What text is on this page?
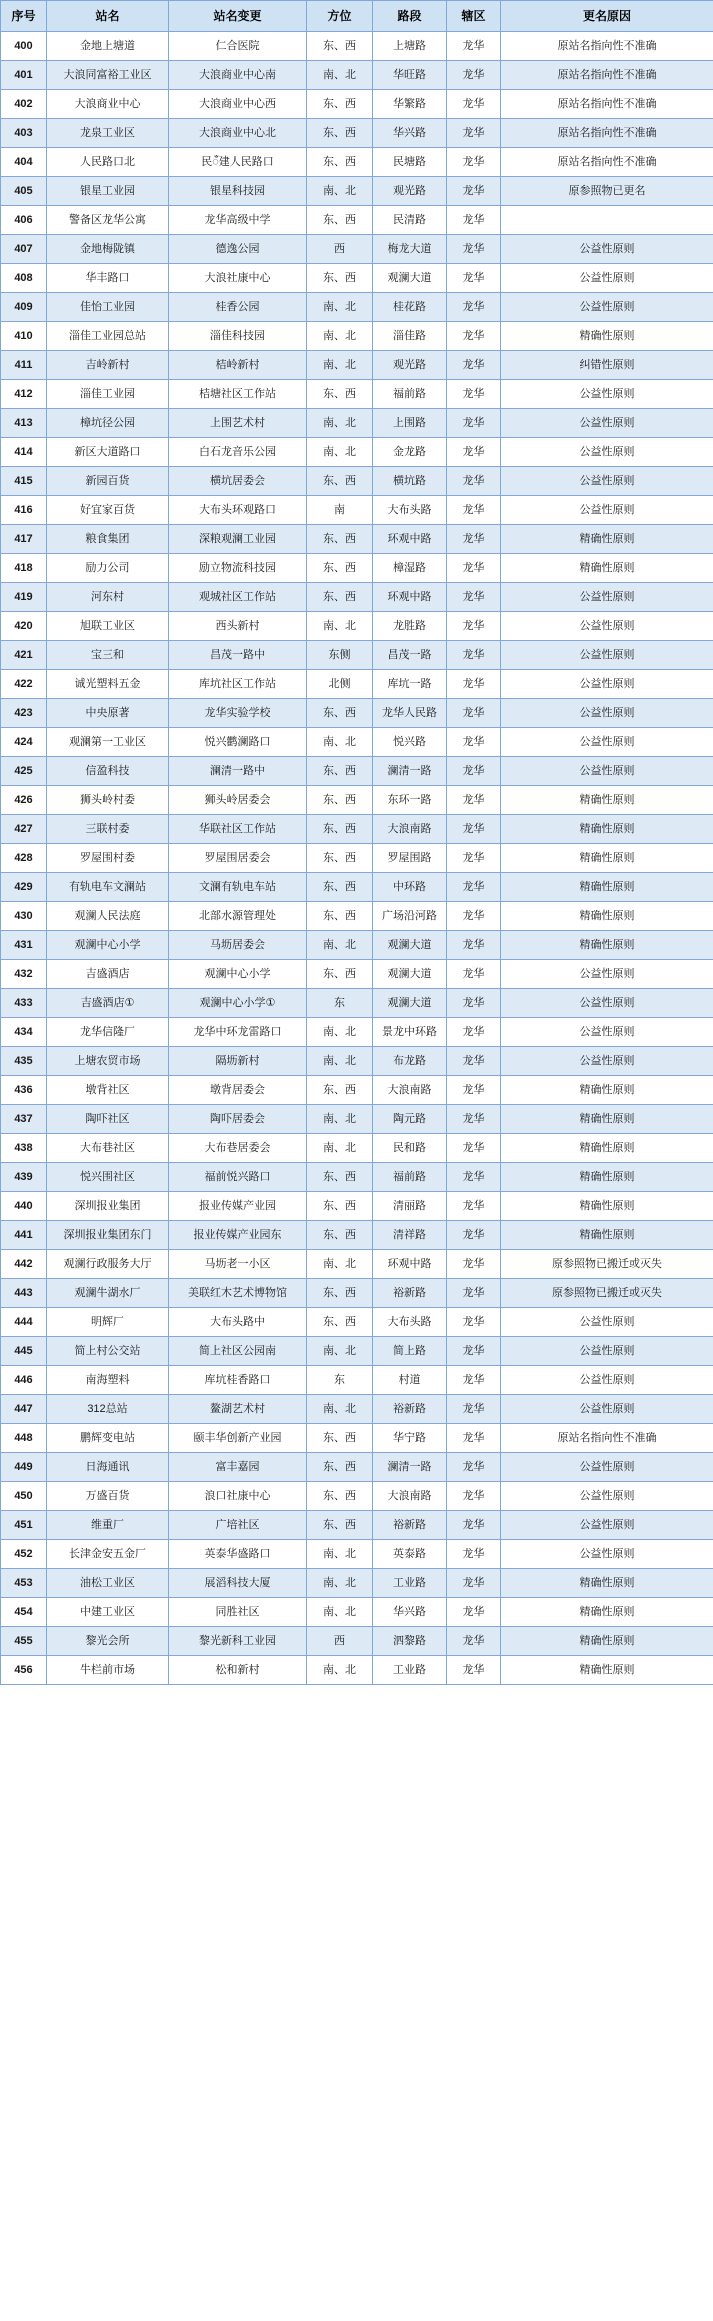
序号	站名	站名变更	方位	路段	辖区	更名原因
400	金地上塘道	仁合医院	东、西	上塘路	龙华	原站名指向性不准确
401	大浪同富裕工业区	大浪商业中心南	南、北	华旺路	龙华	原站名指向性不准确
402	大浪商业中心	大浪商业中心西	东、西	华繁路	龙华	原站名指向性不准确
403	龙泉工业区	大浪商业中心北	东、西	华兴路	龙华	原站名指向性不准确
404	人民路口北	民ँ建人民路口	东、西	民塘路	龙华	原站名指向性不准确
405	银星工业园	银星科技园	南、北	观光路	龙华	原参照物已更名
406	警备区龙华公寓	龙华高级中学	东、西	民清路	龙华	
407	金地梅陇镇	德逸公园	西	梅龙大道	龙华	公益性原则
408	华丰路口	大浪社康中心	东、西	观澜大道	龙华	公益性原则
409	佳怡工业园	桂香公园	南、北	桂花路	龙华	公益性原则
410	淄佳工业园总站	淄佳科技园	南、北	淄佳路	龙华	精确性原则
411	吉岭新村	桔岭新村	南、北	观光路	龙华	纠错性原则
412	淄佳工业园	桔塘社区工作站	东、西	福前路	龙华	公益性原则
413	樟坑径公园	上围艺术村	南、北	上围路	龙华	公益性原则
414	新区大道路口	白石龙音乐公园	南、北	金龙路	龙华	公益性原则
415	新园百货	横坑居委会	东、西	横坑路	龙华	公益性原则
416	好宜家百货	大布头环观路口	南	大布头路	龙华	公益性原则
417	粮食集团	深粮观澜工业园	东、西	环观中路	龙华	精确性原则
418	励力公司	励立物流科技园	东、西	樟湿路	龙华	精确性原则
419	河东村	观城社区工作站	东、西	环观中路	龙华	公益性原则
420	旭联工业区	西头新村	南、北	龙胜路	龙华	公益性原则
421	宝三和	昌茂一路中	东侧	昌茂一路	龙华	公益性原则
422	诚光塑料五金	库坑社区工作站	北侧	库坑一路	龙华	公益性原则
423	中央原著	龙华实验学校	东、西	龙华人民路	龙华	公益性原则
424	观澜第一工业区	悦兴鹳澜路口	南、北	悦兴路	龙华	公益性原则
425	信盈科技	澜清一路中	东、西	澜清一路	龙华	公益性原则
426	狮头岭村委	狮头岭居委会	东、西	东环一路	龙华	精确性原则
427	三联村委	华联社区工作站	东、西	大浪南路	龙华	精确性原则
428	罗屋围村委	罗屋围居委会	东、西	罗屋围路	龙华	精确性原则
429	有轨电车文澜站	文澜有轨电车站	东、西	中环路	龙华	精确性原则
430	观澜人民法庭	北部水源管理处	东、西	广场沿河路	龙华	精确性原则
431	观澜中心小学	马坜居委会	南、北	观澜大道	龙华	精确性原则
432	吉盛酒店	观澜中心小学	东、西	观澜大道	龙华	公益性原则
433	吉盛酒店①	观澜中心小学①	东	观澜大道	龙华	公益性原则
434	龙华信隆厂	龙华中环龙雷路口	南、北	景龙中环路	龙华	公益性原则
435	上塘农贸市场	隔坜新村	南、北	布龙路	龙华	公益性原则
436	墩背社区	墩背居委会	东、西	大浪南路	龙华	精确性原则
437	陶吓社区	陶吓居委会	南、北	陶元路	龙华	精确性原则
438	大布巷社区	大布巷居委会	南、北	民和路	龙华	精确性原则
439	悦兴围社区	福前悦兴路口	东、西	福前路	龙华	精确性原则
440	深圳报业集团	报业传媒产业园	东、西	清丽路	龙华	精确性原则
441	深圳报业集团东门	报业传媒产业园东	东、西	清祥路	龙华	精确性原则
442	观澜行政服务大厅	马坜老一小区	南、北	环观中路	龙华	原参照物已搬迁或灭失
443	观澜牛湖水厂	美联红木艺术博物馆	东、西	裕新路	龙华	原参照物已搬迁或灭失
444	明辉厂	大布头路中	东、西	大布头路	龙华	公益性原则
445	简上村公交站	简上社区公园南	南、北	简上路	龙华	公益性原则
446	南海塑料	库坑桂香路口	东	村道	龙华	公益性原则
447	312总站	鳌湖艺术村	南、北	裕新路	龙华	公益性原则
448	鹏辉变电站	颐丰华创新产业园	东、西	华宁路	龙华	原站名指向性不准确
449	日海通讯	富丰嘉园	东、西	澜清一路	龙华	公益性原则
450	万盛百货	浪口社康中心	东、西	大浪南路	龙华	公益性原则
451	维重厂	广培社区	东、西	裕新路	龙华	公益性原则
452	长津金安五金厂	英泰华盛路口	南、北	英泰路	龙华	公益性原则
453	油松工业区	展滔科技大厦	南、北	工业路	龙华	精确性原则
454	中建工业区	同胜社区	南、北	华兴路	龙华	精确性原则
455	黎光会所	黎光新科工业园	西	泗黎路	龙华	精确性原则
456	牛栏前市场	松和新村	南、北	工业路	龙华	精确性原则
